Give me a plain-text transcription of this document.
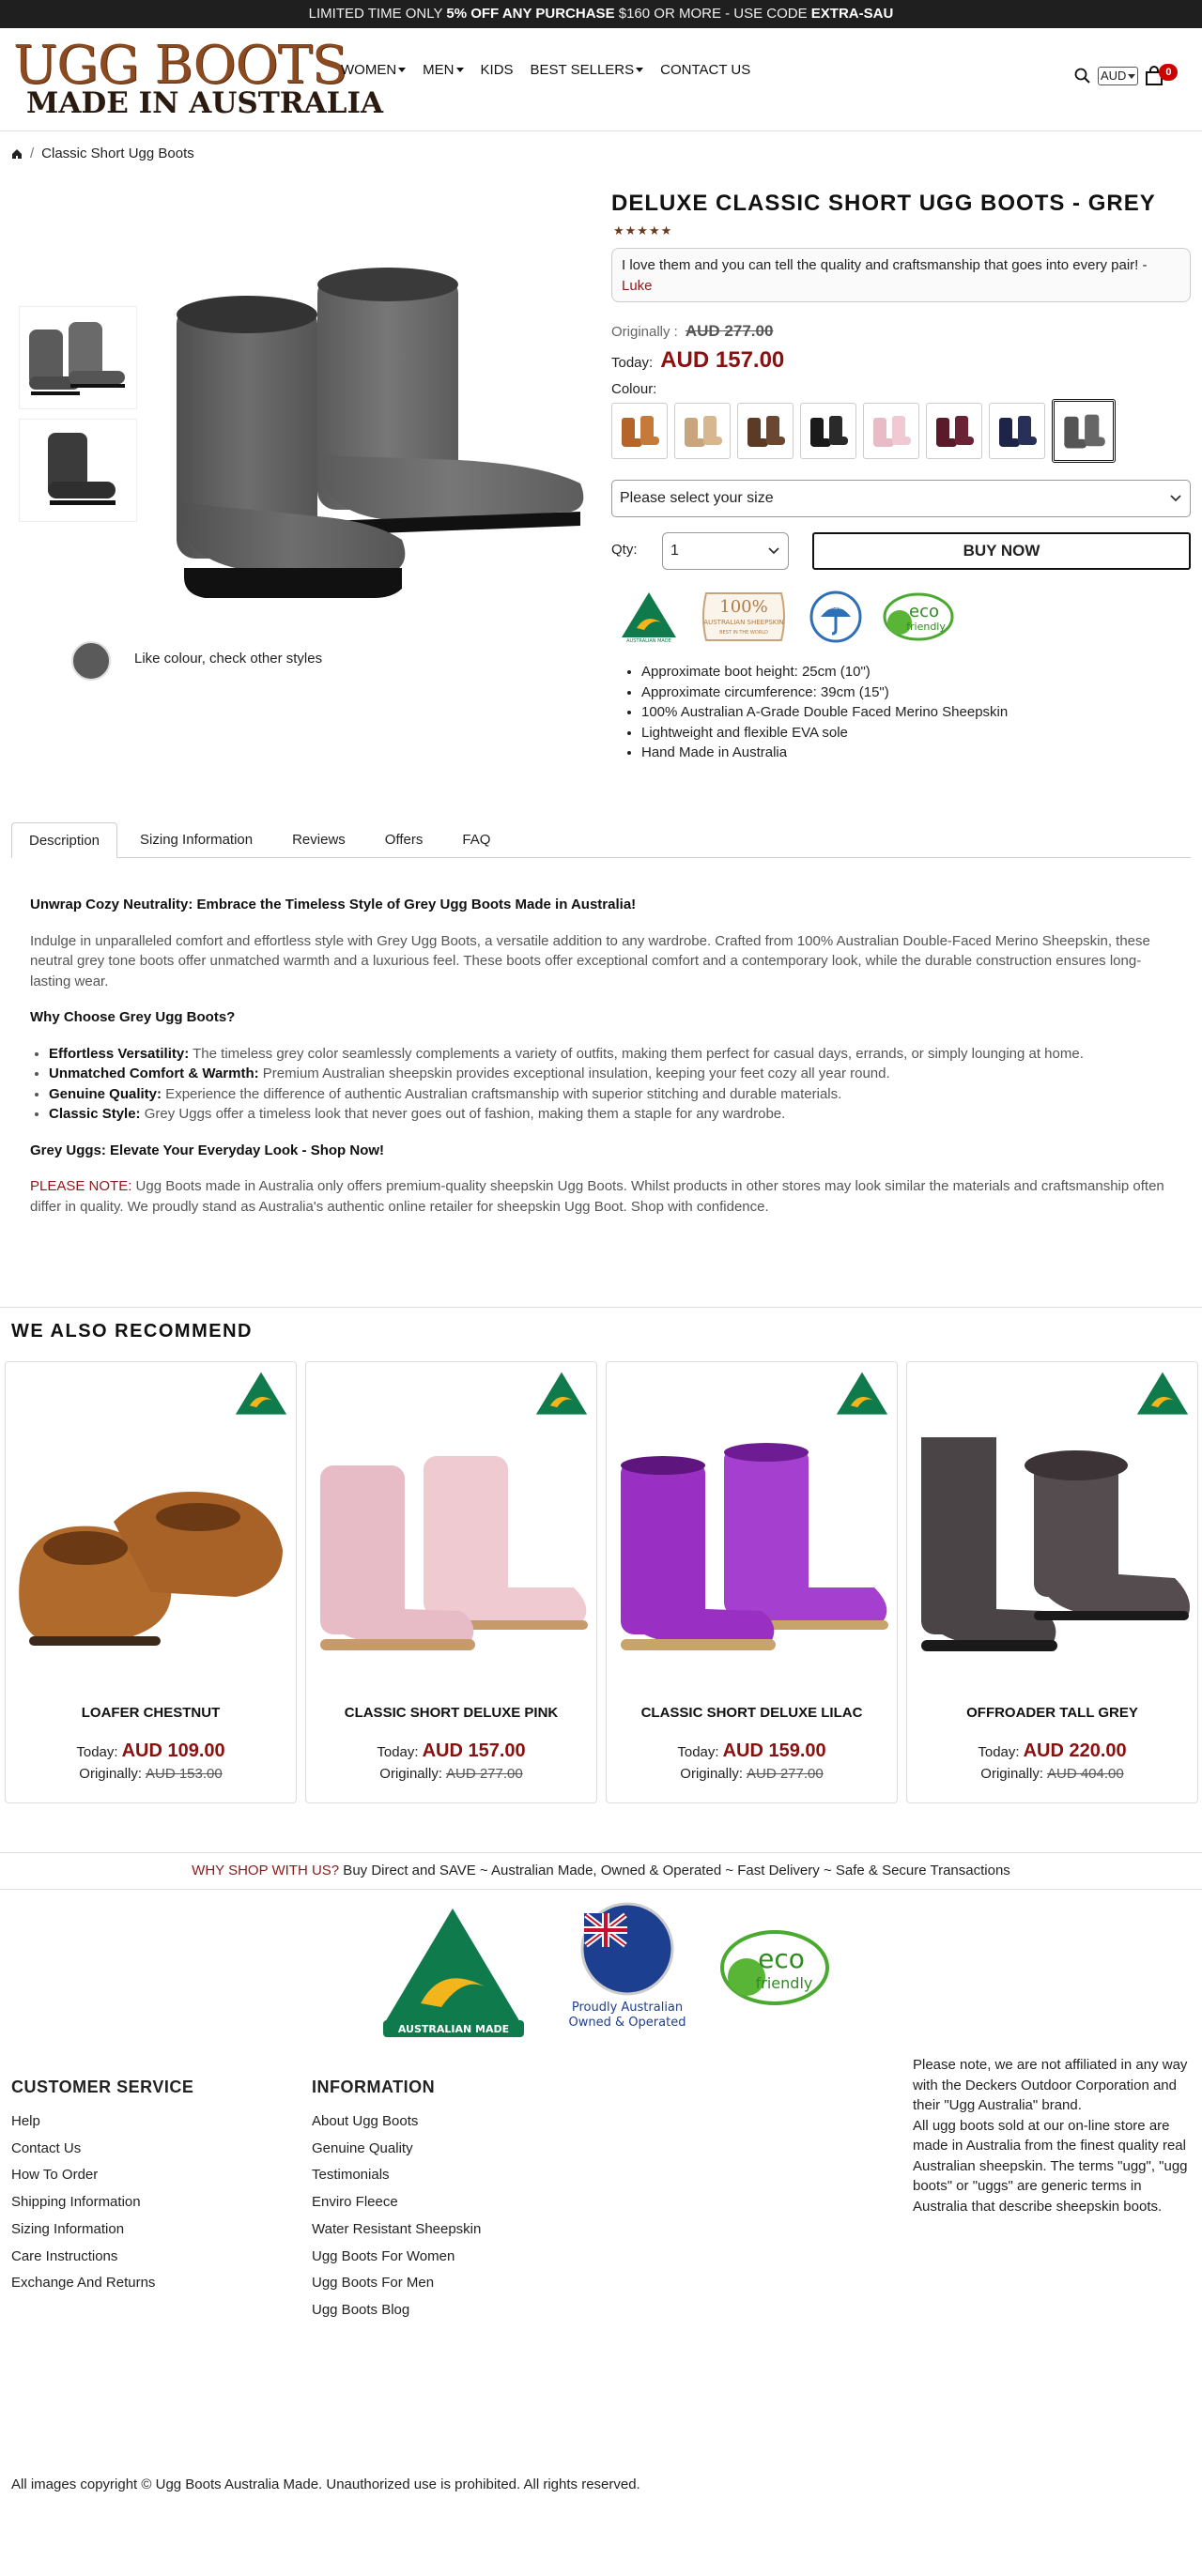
LIMITED TIME ONLY 5% OFF ANY PURCHASE $160 OR MORE - USE CODE EXTRA-SAU
UGG BOOTS
MADE IN AUSTRALIA
WOMEN MEN KIDS BEST SELLERS CONTACT US	AUD	0
/ Classic Short Ugg Boots
Like colour, check other styles
DELUXE CLASSIC SHORT UGG BOOTS - GREY
★★★★★
I love them and you can tell the quality and craftsmanship that goes into every pair! - Luke
Originally : AUD 277.00
Today: AUD 157.00
Colour:
Please select your size
Qty: 1	BUY NOW
AUSTRALIAN MADE
100%
AUSTRALIAN SHEEPSKIN
BEST IN THE WORLD
AQUASHIELD	eco
friendly
• Approximate boot height: 25cm (10")
• Approximate circumference: 39cm (15")
• 100% Australian A-Grade Double Faced Merino Sheepskin
• Lightweight and flexible EVA sole
• Hand Made in Australia
Description	Sizing Information	Reviews	Offers	FAQ
Unwrap Cozy Neutrality: Embrace the Timeless Style of Grey Ugg Boots Made in Australia!

Indulge in unparalleled comfort and effortless style with Grey Ugg Boots, a versatile addition to any wardrobe. Crafted from 100% Australian Double-Faced Merino Sheepskin, these neutral grey tone boots offer unmatched warmth and a luxurious feel. These boots offer exceptional comfort and a contemporary look, while the durable construction ensures long-lasting wear.

Why Choose Grey Ugg Boots?
• Effortless Versatility: The timeless grey color seamlessly complements a variety of outfits, making them perfect for casual days, errands, or simply lounging at home.
• Unmatched Comfort & Warmth: Premium Australian sheepskin provides exceptional insulation, keeping your feet cozy all year round.
• Genuine Quality: Experience the difference of authentic Australian craftsmanship with superior stitching and durable materials.
• Classic Style: Grey Uggs offer a timeless look that never goes out of fashion, making them a staple for any wardrobe.
Grey Uggs: Elevate Your Everyday Look - Shop Now!

PLEASE NOTE: Ugg Boots made in Australia only offers premium-quality sheepskin Ugg Boots. Whilst products in other stores may look similar the materials and craftsmanship often differ in quality. We proudly stand as Australia's authentic online retailer for sheepskin Ugg Boot. Shop with confidence.

WE ALSO RECOMMEND
LOAFER CHESTNUT
Today: AUD 109.00
Originally: AUD 153.00
CLASSIC SHORT DELUXE PINK
Today: AUD 157.00
Originally: AUD 277.00
CLASSIC SHORT DELUXE LILAC
Today: AUD 159.00
Originally: AUD 277.00
OFFROADER TALL GREY
Today: AUD 220.00
Originally: AUD 404.00
WHY SHOP WITH US? Buy Direct and SAVE ~ Australian Made, Owned & Operated ~ Fast Delivery ~ Safe & Secure Transactions
AUSTRALIAN MADE
Proudly Australian
Owned & Operated
eco
friendly
CUSTOMER SERVICE
Help
Contact Us
How To Order
Shipping Information
Sizing Information
Care Instructions
Exchange And Returns
INFORMATION
About Ugg Boots
Genuine Quality
Testimonials
Enviro Fleece
Water Resistant Sheepskin
Ugg Boots For Women
Ugg Boots For Men
Ugg Boots Blog
Please note, we are not affiliated in any way with the Deckers Outdoor Corporation and their "Ugg Australia" brand.
All ugg boots sold at our on-line store are made in Australia from the finest quality real Australian sheepskin. The terms "ugg", "ugg boots" or "uggs" are generic terms in Australia that describe sheepskin boots.
All images copyright © Ugg Boots Australia Made. Unauthorized use is prohibited. All rights reserved.
